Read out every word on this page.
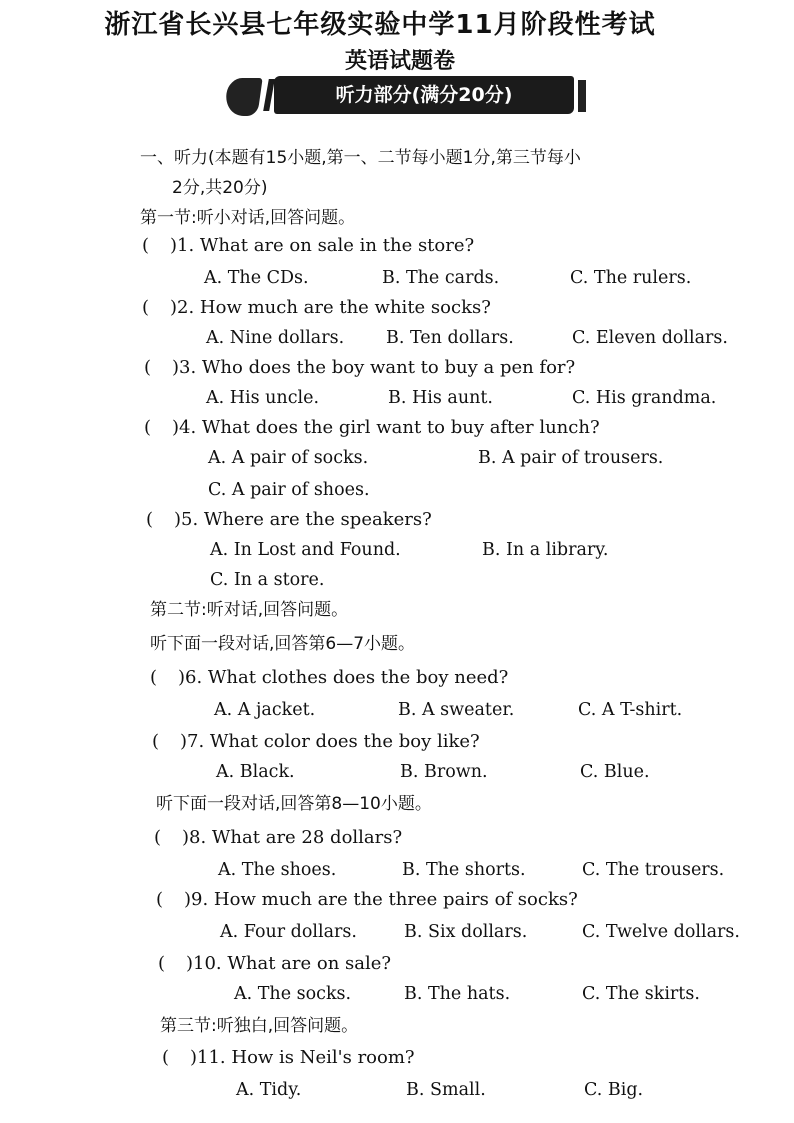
浙江省长兴县七年级实验中学11月阶段性考试
英语试题卷
听力部分(满分20分)
一、听力(本题有15小题,第一、二节每小题1分,第三节每小
2分,共20分)
第一节:听小对话,回答问题。
( )1. What are on sale in the store?
A. The CDs.	B. The cards.	C. The rulers.
( )2. How much are the white socks?
A. Nine dollars. B. Ten dollars.	C. Eleven dollars.
( )3. Who does the boy want to buy a pen for?
A. His uncle.	B. His aunt.	C. His grandma.
( )4. What does the girl want to buy after lunch?
A. A pair of socks.	B. A pair of trousers.
C. A pair of shoes.
( )5. Where are the speakers?
A. In Lost and Found.	B. In a library.
C. In a store.
第二节:听对话,回答问题。
听下面一段对话,回答第6—7小题。
( )6. What clothes does the boy need?
A. A jacket.	B. A sweater.	C. A T-shirt.
( )7. What color does the boy like?
A. Black.	B. Brown.	C. Blue.
听下面一段对话,回答第8—10小题。
( )8. What are 28 dollars?
A. The shoes.	B. The shorts.	C. The trousers.
( )9. How much are the three pairs of socks?
A. Four dollars.	B. Six dollars.	C. Twelve dollars.
( )10. What are on sale?
A. The socks.	B. The hats.	C. The skirts.
第三节:听独白,回答问题。
( )11. How is Neil's room?
A. Tidy.	B. Small.	C. Big.
